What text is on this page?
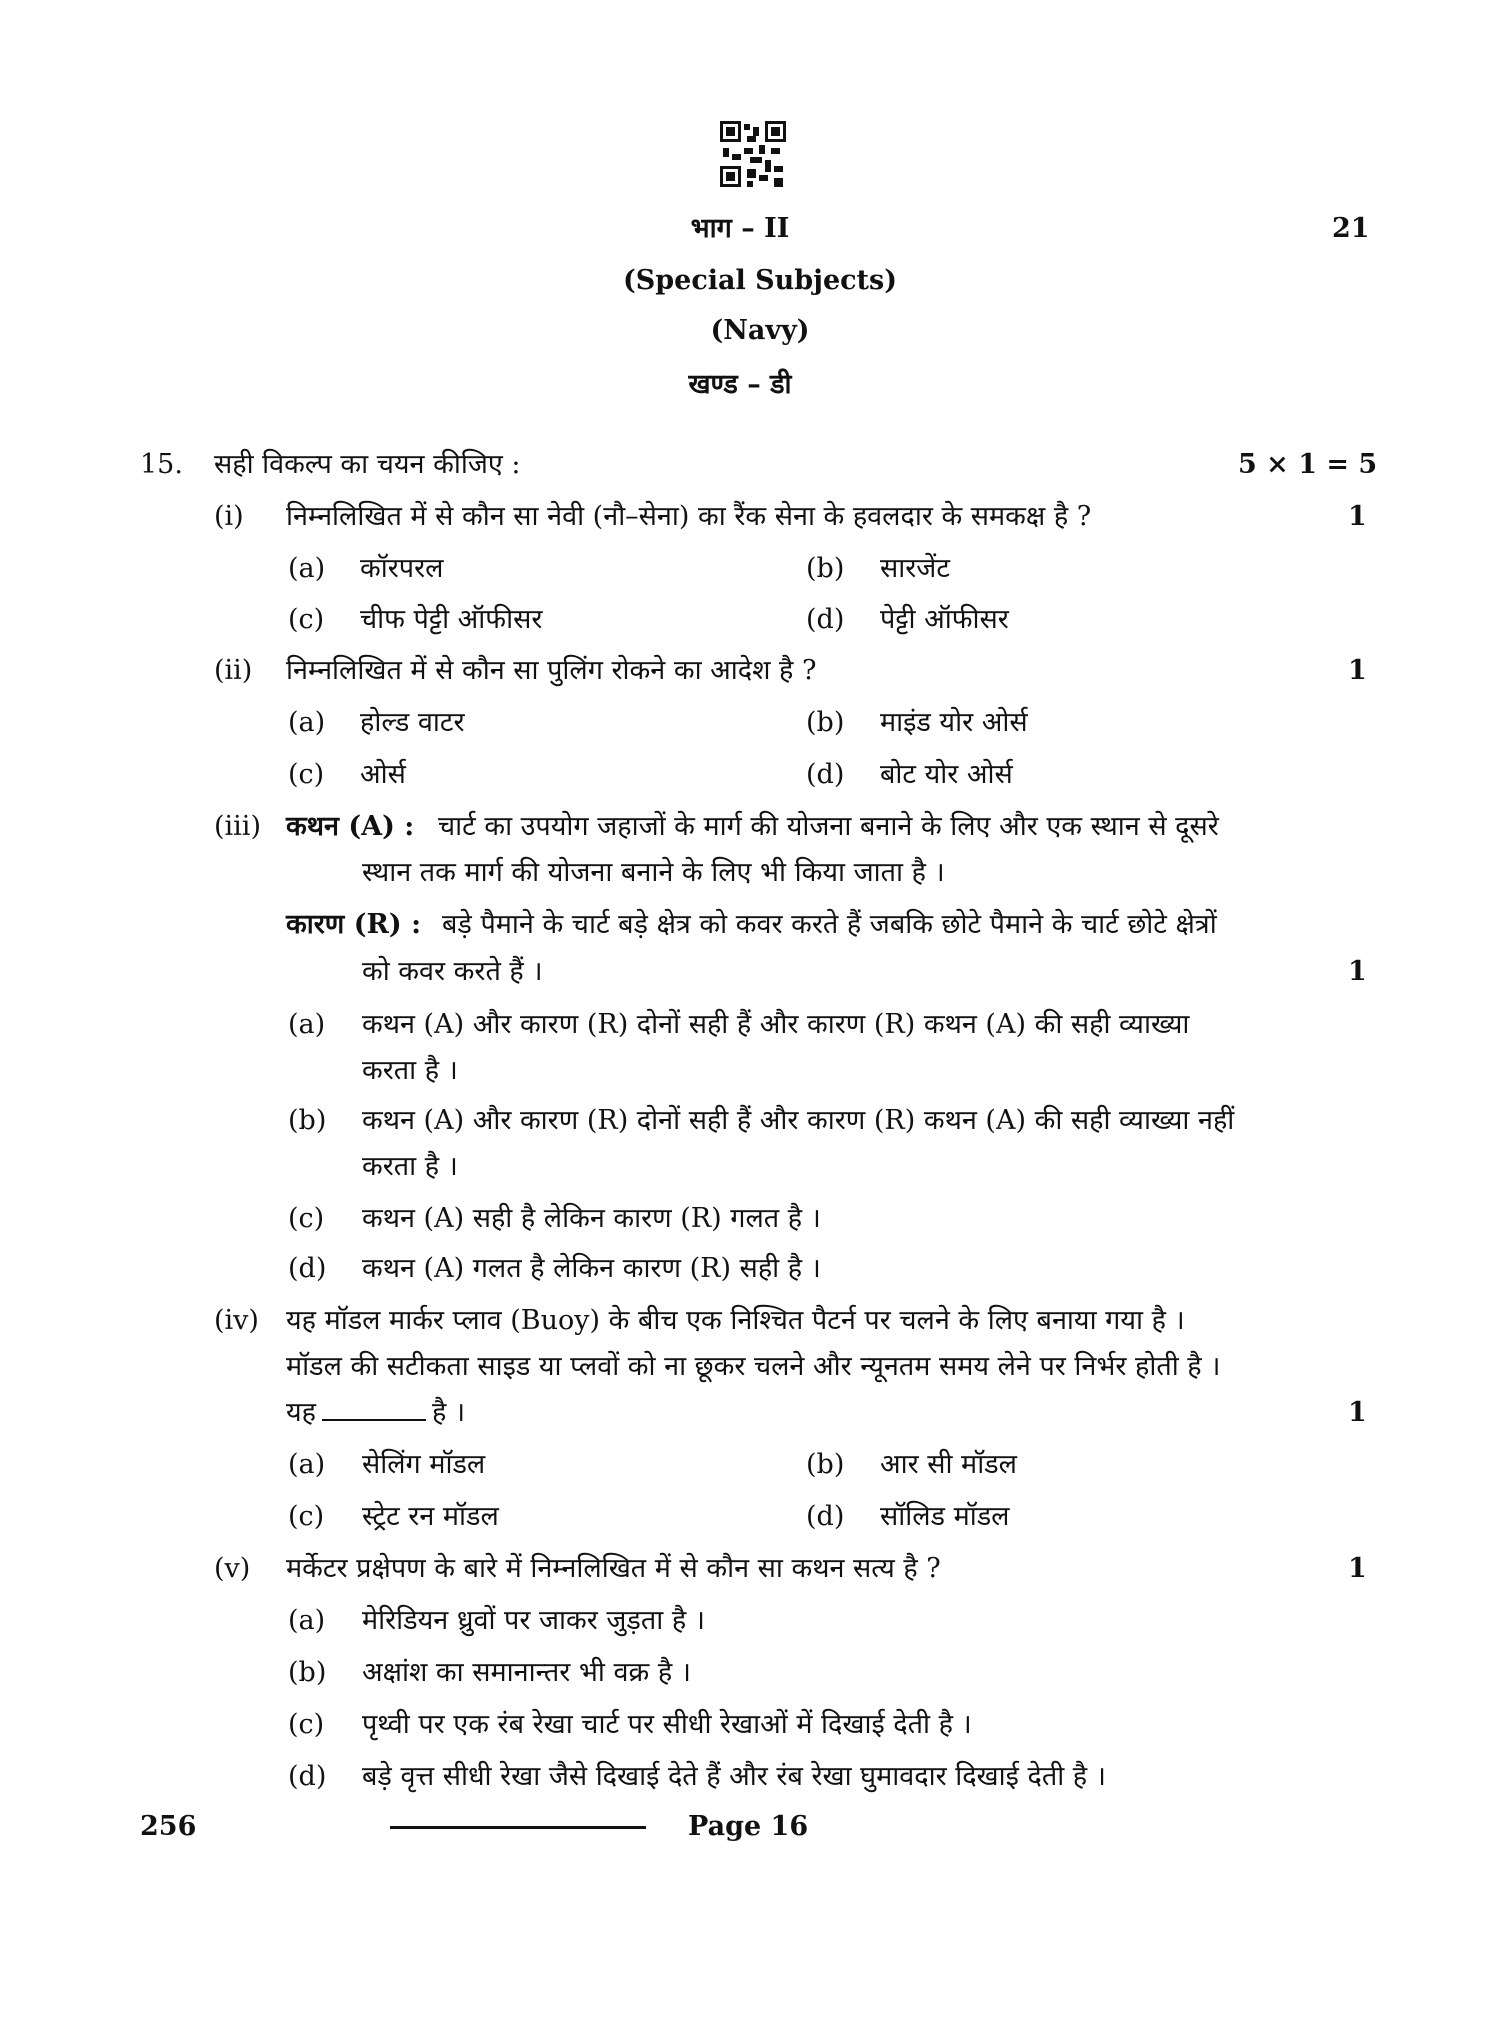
भाग – II	21
(Special Subjects)
(Navy)
खण्ड – डी
15. सही विकल्प का चयन कीजिए :	5 × 1 = 5
(i) निम्नलिखित में से कौन सा नेवी (नौ–सेना) का रैंक सेना के हवलदार के समकक्ष है ?	1
(a) कॉरपरल	(b) सारजेंट
(c) चीफ पेट्टी ऑफीसर	(d) पेट्टी ऑफीसर
(ii) निम्नलिखित में से कौन सा पुलिंग रोकने का आदेश है ?	1
(a) होल्ड वाटर	(b) माइंड योर ओर्स
(c) ओर्स	(d) बोट योर ओर्स
(iii) कथन (A) : चार्ट का उपयोग जहाजों के मार्ग की योजना बनाने के लिए और एक स्थान से दूसरे
स्थान तक मार्ग की योजना बनाने के लिए भी किया जाता है ।
कारण (R) : बड़े पैमाने के चार्ट बड़े क्षेत्र को कवर करते हैं जबकि छोटे पैमाने के चार्ट छोटे क्षेत्रों
को कवर करते हैं ।	1
(a) कथन (A) और कारण (R) दोनों सही हैं और कारण (R) कथन (A) की सही व्याख्या
करता है ।
(b) कथन (A) और कारण (R) दोनों सही हैं और कारण (R) कथन (A) की सही व्याख्या नहीं
करता है ।
(c) कथन (A) सही है लेकिन कारण (R) गलत है ।
(d) कथन (A) गलत है लेकिन कारण (R) सही है ।
(iv) यह मॉडल मार्कर प्लाव (Buoy) के बीच एक निश्चित पैटर्न पर चलने के लिए बनाया गया है ।
मॉडल की सटीकता साइड या प्लवों को ना छूकर चलने और न्यूनतम समय लेने पर निर्भर होती है ।
यह	है ।	1
(a) सेलिंग मॉडल	(b) आर सी मॉडल
(c) स्ट्रेट रन मॉडल	(d) सॉलिड मॉडल
(v) मर्केटर प्रक्षेपण के बारे में निम्नलिखित में से कौन सा कथन सत्य है ?	1
(a) मेरिडियन ध्रुवों पर जाकर जुड़ता है ।
(b) अक्षांश का समानान्तर भी वक्र है ।
(c) पृथ्वी पर एक रंब रेखा चार्ट पर सीधी रेखाओं में दिखाई देती है ।
(d) बड़े वृत्त सीधी रेखा जैसे दिखाई देते हैं और रंब रेखा घुमावदार दिखाई देती है ।
256	Page 16
